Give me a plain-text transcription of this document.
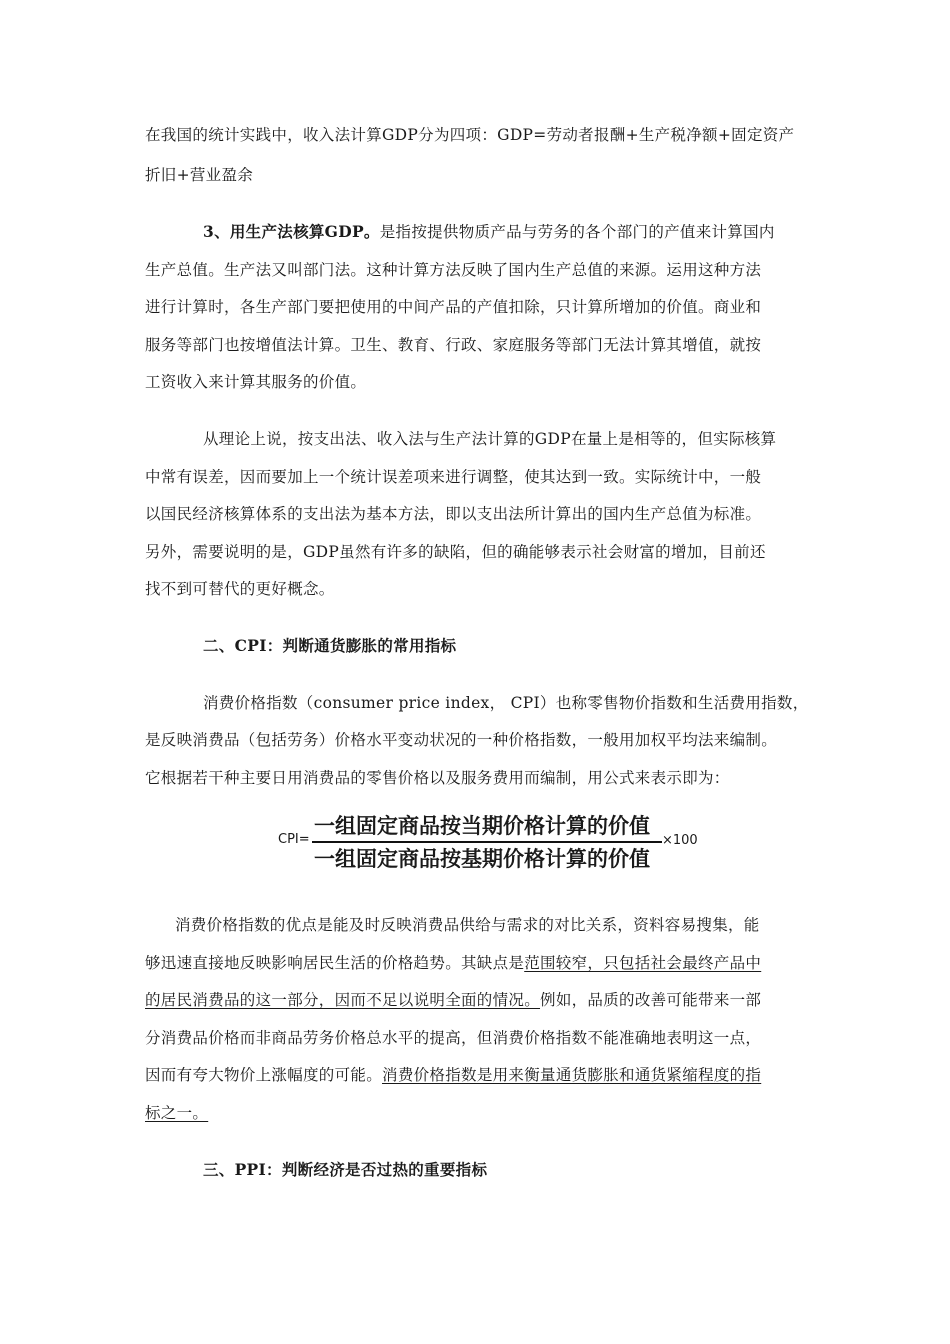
在我国的统计实践中，收入法计算GDP分为四项：GDP=劳动者报酬+生产税净额+固定资产
折旧+营业盈余
3、用生产法核算GDP。是指按提供物质产品与劳务的各个部门的产值来计算国内
生产总值。生产法又叫部门法。这种计算方法反映了国内生产总值的来源。运用这种方法
进行计算时，各生产部门要把使用的中间产品的产值扣除，只计算所增加的价值。商业和
服务等部门也按增值法计算。卫生、教育、行政、家庭服务等部门无法计算其增值，就按
工资收入来计算其服务的价值。
从理论上说，按支出法、收入法与生产法计算的GDP在量上是相等的，但实际核算
中常有误差，因而要加上一个统计误差项来进行调整，使其达到一致。实际统计中，一般
以国民经济核算体系的支出法为基本方法，即以支出法所计算出的国内生产总值为标准。
另外，需要说明的是，GDP虽然有许多的缺陷，但的确能够表示社会财富的增加，目前还
找不到可替代的更好概念。
二、CPI：判断通货膨胀的常用指标
消费价格指数（consumer price index， CPI）也称零售物价指数和生活费用指数，
是反映消费品（包括劳务）价格水平变动状况的一种价格指数，一般用加权平均法来编制。
它根据若干种主要日用消费品的零售价格以及服务费用而编制，用公式来表示即为：
CPI=
一组固定商品按当期价格计算的价值
一组固定商品按基期价格计算的价值
×100
消费价格指数的优点是能及时反映消费品供给与需求的对比关系，资料容易搜集，能
够迅速直接地反映影响居民生活的价格趋势。其缺点是范围较窄，只包括社会最终产品中
的居民消费品的这一部分，因而不足以说明全面的情况。例如，品质的改善可能带来一部
分消费品价格而非商品劳务价格总水平的提高，但消费价格指数不能准确地表明这一点，
因而有夸大物价上涨幅度的可能。消费价格指数是用来衡量通货膨胀和通货紧缩程度的指
标之一。
三、PPI：判断经济是否过热的重要指标
